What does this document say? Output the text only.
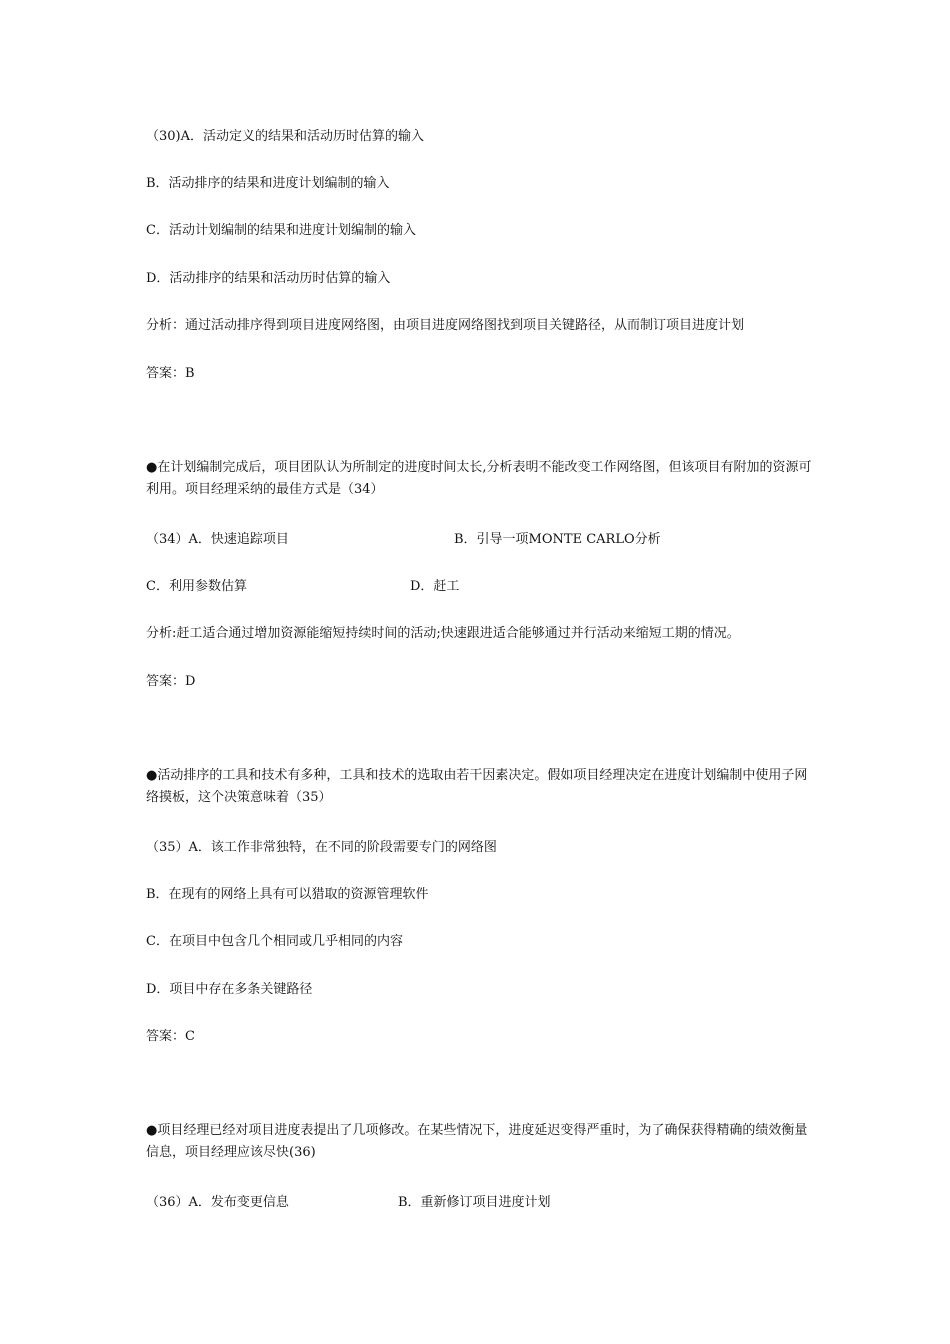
（30)A．活动定义的结果和活动历时估算的输入
B．活动排序的结果和进度计划编制的输入
C．活动计划编制的结果和进度计划编制的输入
D．活动排序的结果和活动历时估算的输入
分析：通过活动排序得到项目进度网络图，由项目进度网络图找到项目关键路径，从而制订项目进度计划
答案：B
●在计划编制完成后，项目团队认为所制定的进度时间太长,分析表明不能改变工作网络图，但该项目有附加的资源可利用。项目经理采纳的最佳方式是（34）
（34）A．快速追踪项目	B．引导一项MONTE CARLO分析
C．利用参数估算	D．赶工
分析:赶工适合通过增加资源能缩短持续时间的活动;快速跟进适合能够通过并行活动来缩短工期的情况。
答案：D
●活动排序的工具和技术有多种，工具和技术的选取由若干因素决定。假如项目经理决定在进度计划编制中使用子网络摸板，这个决策意味着（35）
（35）A．该工作非常独特，在不同的阶段需要专门的网络图
B．在现有的网络上具有可以猎取的资源管理软件
C．在项目中包含几个相同或几乎相同的内容
D．项目中存在多条关键路径
答案：C
●项目经理已经对项目进度表提出了几项修改。在某些情况下，进度延迟变得严重时，为了确保获得精确的绩效衡量信息，项目经理应该尽快(36)
（36）A．发布变更信息	B．重新修订项目进度计划
